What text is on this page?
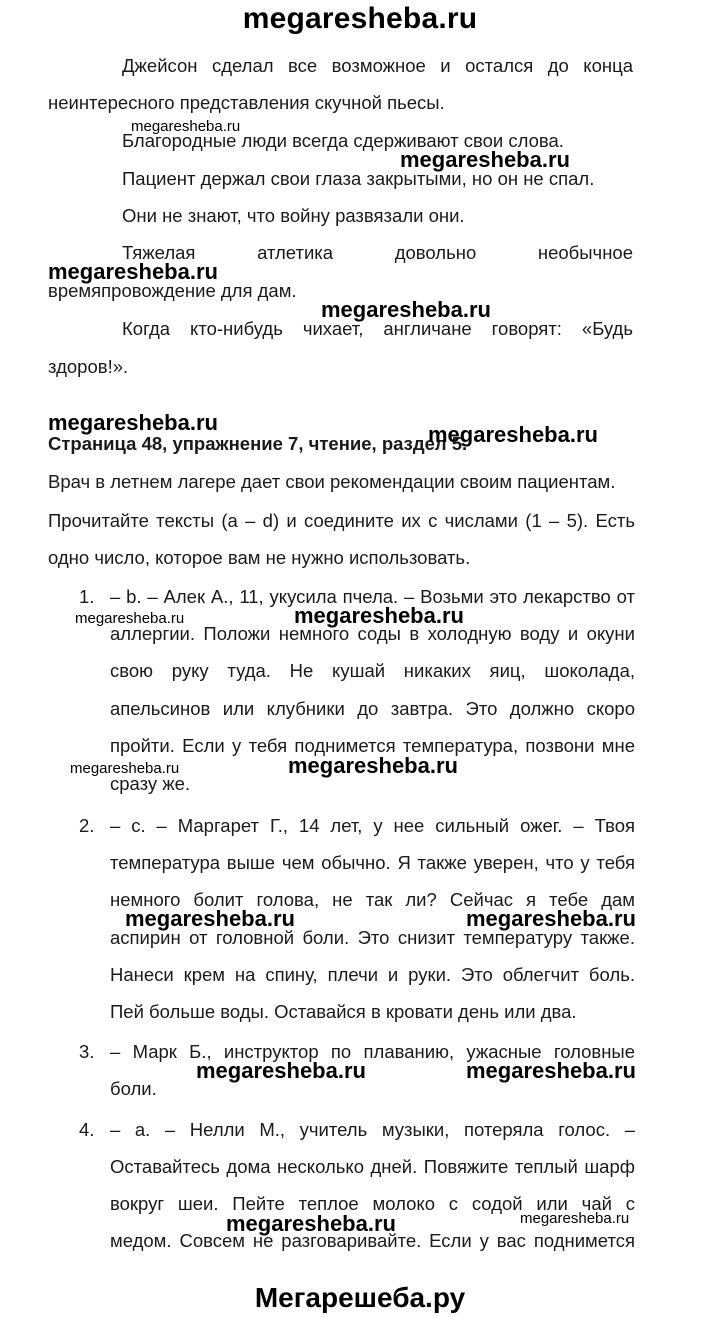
megaresheba.ru
Джейсон сделал все возможное и остался до конца
неинтересного представления скучной пьесы.
megaresheba.ru
Благородные люди всегда сдерживают свои слова.
megaresheba.ru
Пациент держал свои глаза закрытыми, но он не спал.
Они не знают, что войну развязали они.
Тяжелая атлетика довольно необычное
megaresheba.ru
времяпровождение для дам.
megaresheba.ru
Когда кто-нибудь чихает, англичане говорят: «Будь
здоров!».
megaresheba.ru
Страница 48, упражнение 7, чтение, раздел 5.
megaresheba.ru
Врач в летнем лагере дает свои рекомендации своим пациентам.
Прочитайте тексты (a – d) и соедините их с числами (1 – 5). Есть
одно число, которое вам не нужно использовать.
1. – b. – Алек А., 11, укусила пчела. – Возьми это лекарство от
megaresheba.ru	megaresheba.ru
аллергии. Положи немного соды в холодную воду и окуни
свою руку туда. Не кушай никаких яиц, шоколада,
апельсинов или клубники до завтра. Это должно скоро
пройти. Если у тебя поднимется температура, позвони мне
megaresheba.ru	megaresheba.ru
сразу же.
2. – c. – Маргарет Г., 14 лет, у нее сильный ожег. – Твоя
температура выше чем обычно. Я также уверен, что у тебя
немного болит голова, не так ли? Сейчас я тебе дам
megaresheba.ru	megaresheba.ru
аспирин от головной боли. Это снизит температуру также.
Нанеси крем на спину, плечи и руки. Это облегчит боль.
Пей больше воды. Оставайся в кровати день или два.
3. – Марк Б., инструктор по плаванию, ужасные головные
megaresheba.ru	megaresheba.ru
боли.
4. – a. – Нелли М., учитель музыки, потеряла голос. –
Оставайтесь дома несколько дней. Повяжите теплый шарф
вокруг шеи. Пейте теплое молоко с содой или чай с
megaresheba.ru	megaresheba.ru
медом. Совсем не разговаривайте. Если у вас поднимется
Мегарешеба.ру
